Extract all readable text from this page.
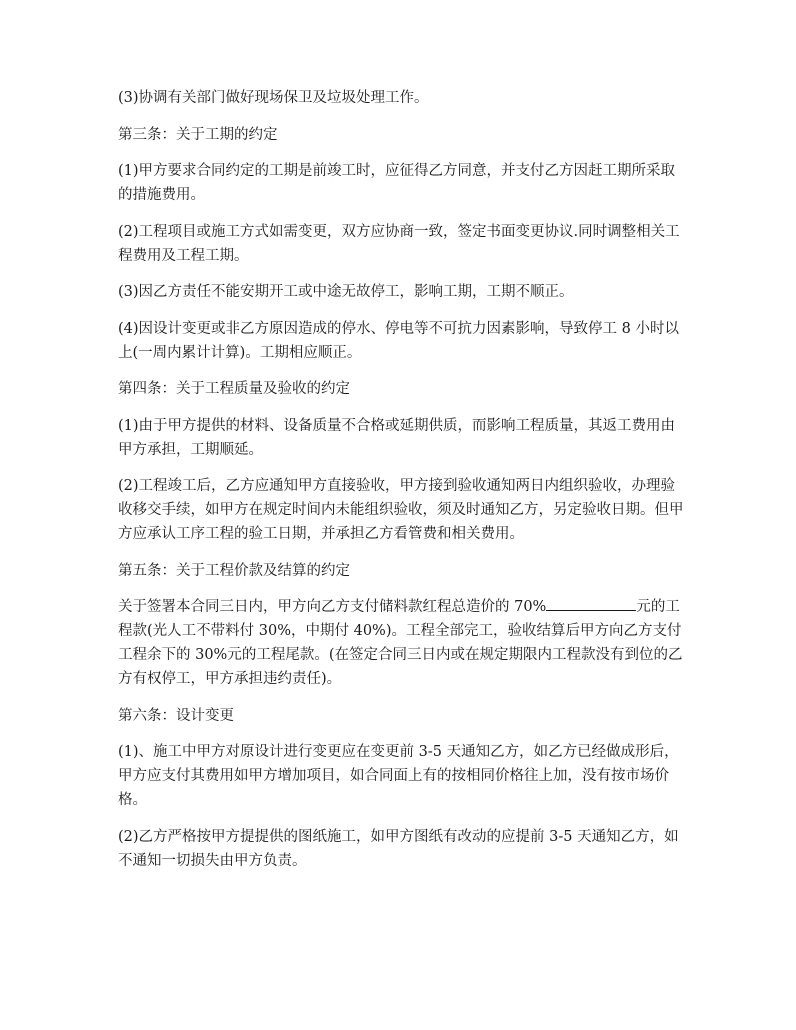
(3)协调有关部门做好现场保卫及垃圾处理工作。

第三条：关于工期的约定

(1)甲方要求合同约定的工期是前竣工时，应征得乙方同意，并支付乙方因赶工期所采取的措施费用。

(2)工程项目或施工方式如需变更，双方应协商一致，签定书面变更协议.同时调整相关工程费用及工程工期。

(3)因乙方责任不能安期开工或中途无故停工，影响工期，工期不顺正。

(4)因设计变更或非乙方原因造成的停水、停电等不可抗力因素影响，导致停工 8 小时以上(一周内累计计算)。工期相应顺正。

第四条：关于工程质量及验收的约定

(1)由于甲方提供的材料、设备质量不合格或延期供质，而影响工程质量，其返工费用由甲方承担，工期顺延。

(2)工程竣工后，乙方应通知甲方直接验收，甲方接到验收通知两日内组织验收，办理验收移交手续，如甲方在规定时间内未能组织验收，须及时通知乙方，另定验收日期。但甲方应承认工序工程的验工日期，并承担乙方看管费和相关费用。

第五条：关于工程价款及结算的约定

关于签署本合同三日内，甲方向乙方支付储料款红程总造价的 70%	元的工程款(光人工不带料付 30%，中期付 40%)。工程全部完工，验收结算后甲方向乙方支付工程余下的 30%元的工程尾款。(在签定合同三日内或在规定期限内工程款没有到位的乙方有权停工，甲方承担违约责任)。

第六条：设计变更

(1)、施工中甲方对原设计进行变更应在变更前 3-5 天通知乙方，如乙方已经做成形后，甲方应支付其费用如甲方增加项目，如合同面上有的按相同价格往上加，没有按市场价格。

(2)乙方严格按甲方提提供的图纸施工，如甲方图纸有改动的应提前 3-5 天通知乙方，如不通知一切损失由甲方负责。
